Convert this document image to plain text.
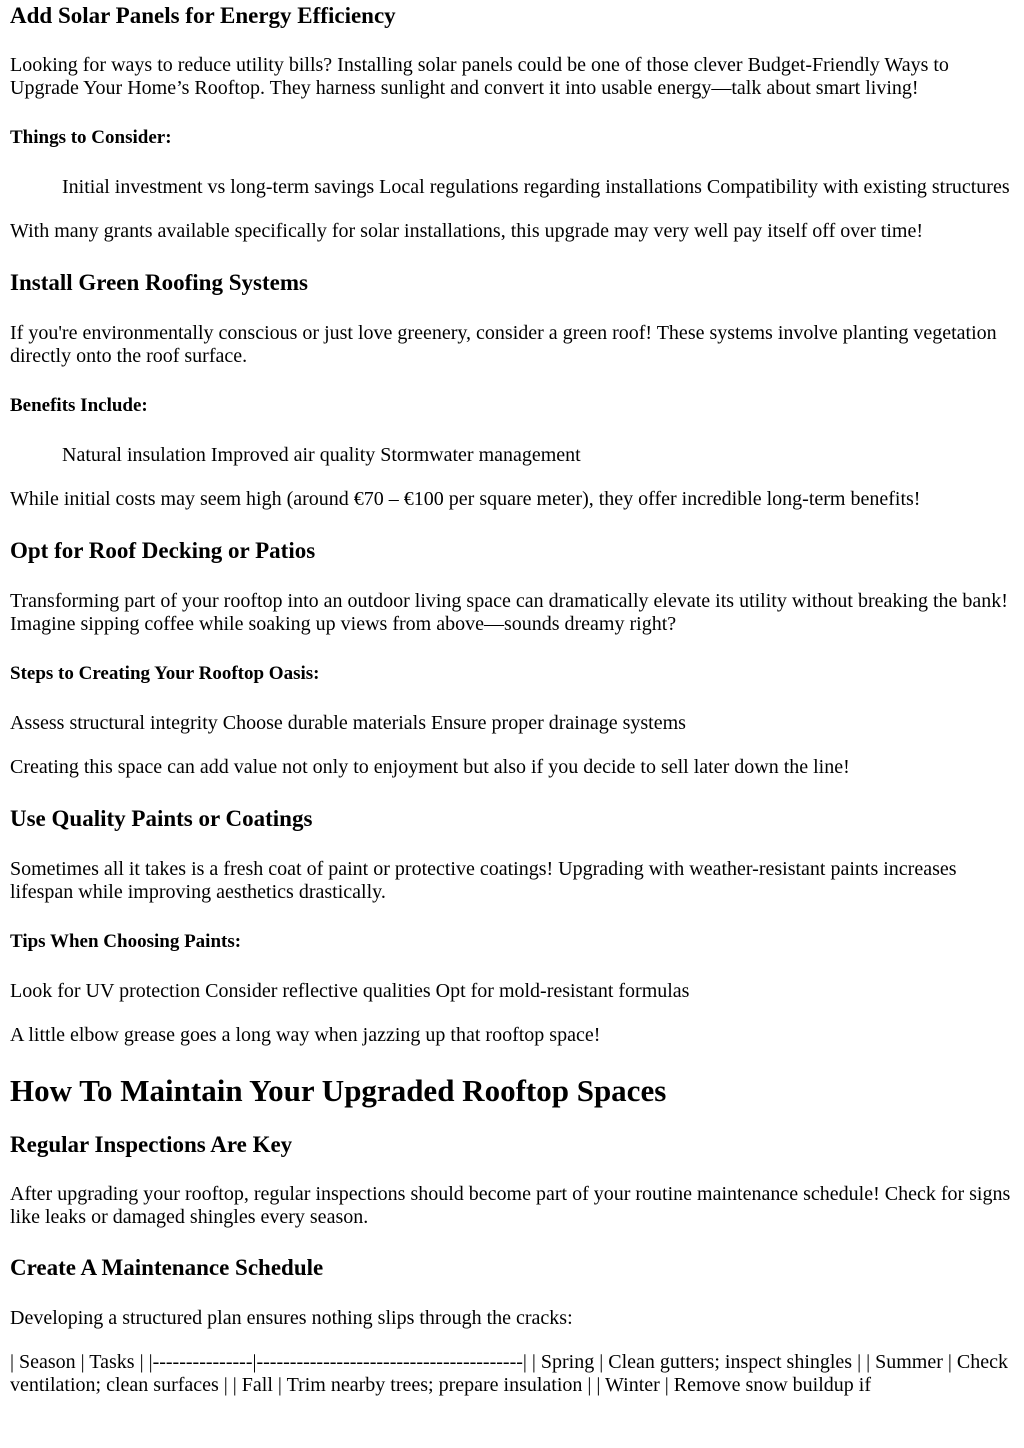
Add Solar Panels for Energy Efficiency

Looking for ways to reduce utility bills? Installing solar panels could be one of those clever Budget-Friendly Ways to Upgrade Your Home’s Rooftop. They harness sunlight and convert it into usable energy—talk about smart living!

Things to Consider:

Initial investment vs long-term savings Local regulations regarding installations Compatibility with existing structures

With many grants available specifically for solar installations, this upgrade may very well pay itself off over time!

Install Green Roofing Systems

If you're environmentally conscious or just love greenery, consider a green roof! These systems involve planting vegetation directly onto the roof surface.

Benefits Include:

Natural insulation Improved air quality Stormwater management

While initial costs may seem high (around €70 – €100 per square meter), they offer incredible long-term benefits!

Opt for Roof Decking or Patios

Transforming part of your rooftop into an outdoor living space can dramatically elevate its utility without breaking the bank! Imagine sipping coffee while soaking up views from above—sounds dreamy right?

Steps to Creating Your Rooftop Oasis:

Assess structural integrity Choose durable materials Ensure proper drainage systems

Creating this space can add value not only to enjoyment but also if you decide to sell later down the line!

Use Quality Paints or Coatings

Sometimes all it takes is a fresh coat of paint or protective coatings! Upgrading with weather-resistant paints increases lifespan while improving aesthetics drastically.

Tips When Choosing Paints:

Look for UV protection Consider reflective qualities Opt for mold-resistant formulas

A little elbow grease goes a long way when jazzing up that rooftop space!

How To Maintain Your Upgraded Rooftop Spaces
Regular Inspections Are Key

After upgrading your rooftop, regular inspections should become part of your routine maintenance schedule! Check for signs like leaks or damaged shingles every season.

Create A Maintenance Schedule

Developing a structured plan ensures nothing slips through the cracks:

| Season | Tasks | |---------------|----------------------------------------| | Spring | Clean gutters; inspect shingles | | Summer | Check ventilation; clean surfaces | | Fall | Trim nearby trees; prepare insulation | | Winter | Remove snow buildup if
